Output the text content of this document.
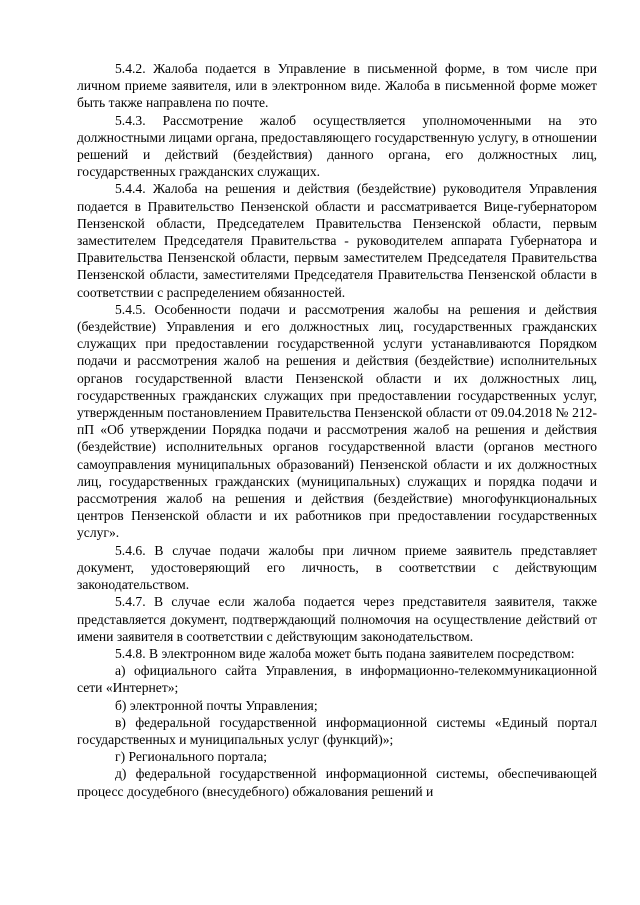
5.4.2. Жалоба подается в Управление в письменной форме, в том числе при личном приеме заявителя, или в электронном виде. Жалоба в письменной форме может быть также направлена по почте.

5.4.3. Рассмотрение жалоб осуществляется уполномоченными на это должностными лицами органа, предоставляющего государственную услугу, в отношении решений и действий (бездействия) данного органа, его должностных лиц, государственных гражданских служащих.

5.4.4. Жалоба на решения и действия (бездействие) руководителя Управления подается в Правительство Пензенской области и рассматривается Вице-губернатором Пензенской области, Председателем Правительства Пензенской области, первым заместителем Председателя Правительства - руководителем аппарата Губернатора и Правительства Пензенской области, первым заместителем Председателя Правительства Пензенской области, заместителями Председателя Правительства Пензенской области в соответствии с распределением обязанностей.

5.4.5. Особенности подачи и рассмотрения жалобы на решения и действия (бездействие) Управления и его должностных лиц, государственных гражданских служащих при предоставлении государственной услуги устанавливаются Порядком подачи и рассмотрения жалоб на решения и действия (бездействие) исполнительных органов государственной власти Пензенской области и их должностных лиц, государственных гражданских служащих при предоставлении государственных услуг, утвержденным постановлением Правительства Пензенской области от 09.04.2018 № 212-пП «Об утверждении Порядка подачи и рассмотрения жалоб на решения и действия (бездействие) исполнительных органов государственной власти (органов местного самоуправления муниципальных образований) Пензенской области и их должностных лиц, государственных гражданских (муниципальных) служащих и порядка подачи и рассмотрения жалоб на решения и действия (бездействие) многофункциональных центров Пензенской области и их работников при предоставлении государственных услуг».

5.4.6. В случае подачи жалобы при личном приеме заявитель представляет документ, удостоверяющий его личность, в соответствии с действующим законодательством.

5.4.7. В случае если жалоба подается через представителя заявителя, также представляется документ, подтверждающий полномочия на осуществление действий от имени заявителя в соответствии с действующим законодательством.

5.4.8. В электронном виде жалоба может быть подана заявителем посредством:

а) официального сайта Управления, в информационно-телекоммуникационной сети «Интернет»;

б) электронной почты Управления;

в) федеральной государственной информационной системы «Единый портал государственных и муниципальных услуг (функций)»;

г) Регионального портала;

д) федеральной государственной информационной системы, обеспечивающей процесс досудебного (внесудебного) обжалования решений и
